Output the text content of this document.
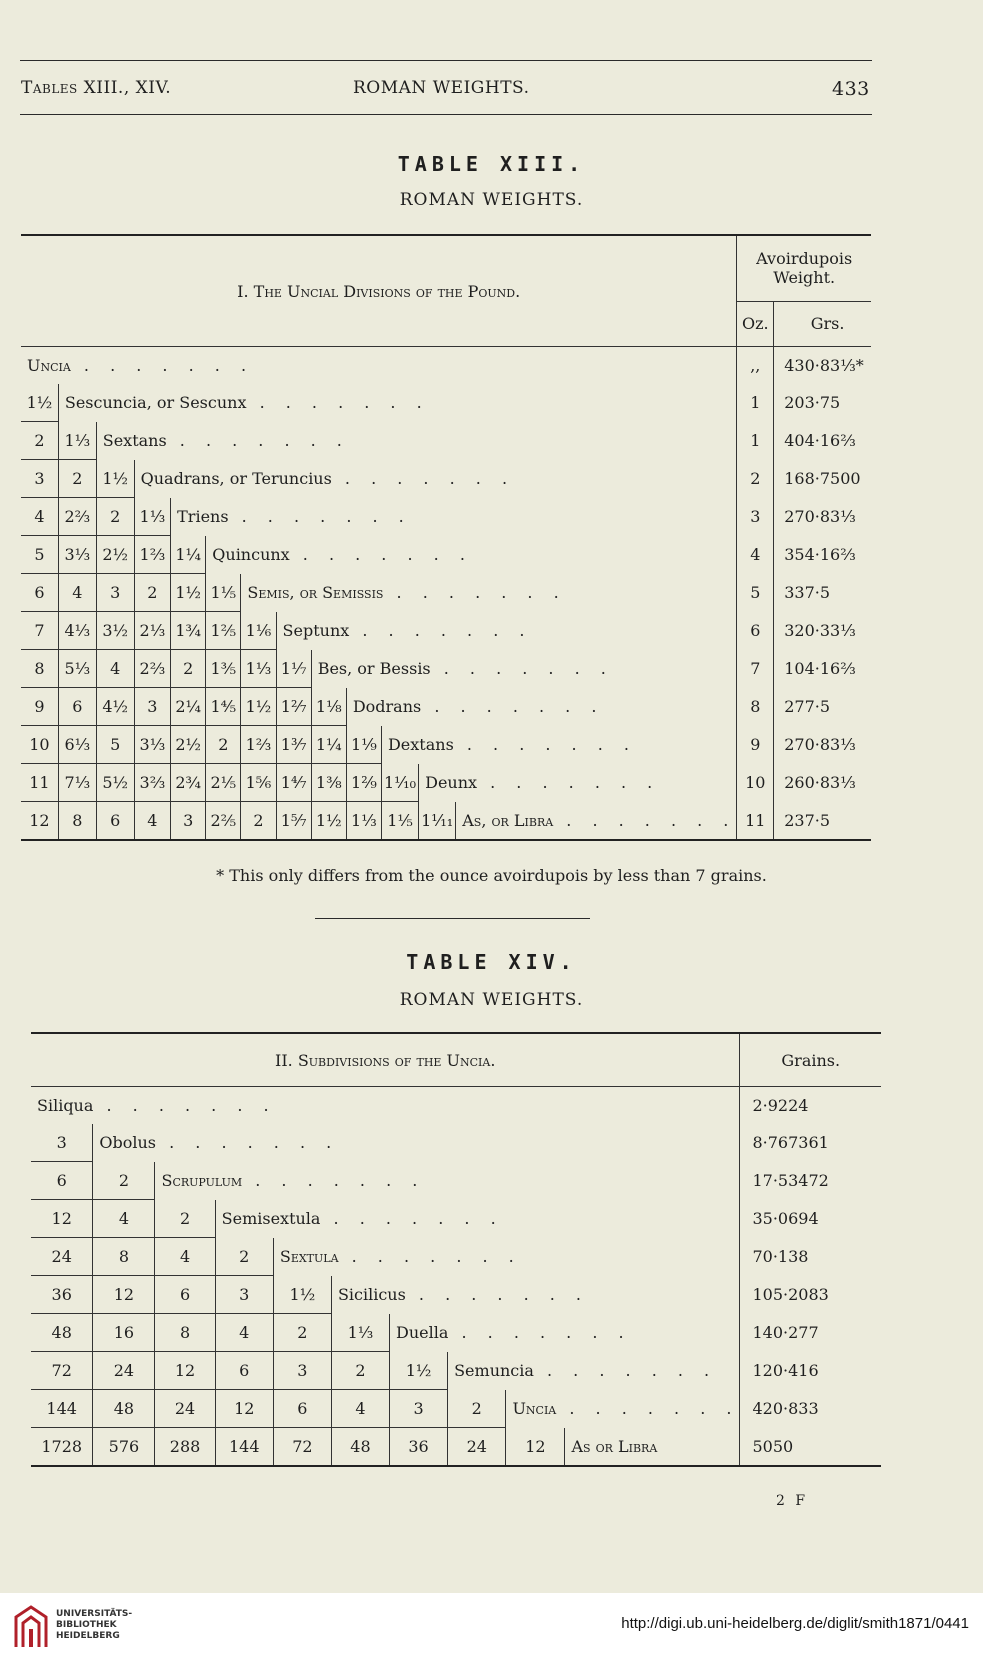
Tables XIII., XIV.	ROMAN WEIGHTS.	433
TABLE XIII.
ROMAN WEIGHTS.
I. The Uncial Divisions of the Pound.													Avoirdupois Weight.	
													Oz.	Grs.
Uncia . . . . . . .													,,	430·83⅓*
1½	Sescuncia, or Sescunx . . . . . . .												1	203·75
2	1⅓	Sextans . . . . . . .											1	404·16⅔
3	2	1½	Quadrans, or Teruncius . . . . . . .										2	168·7500
4	2⅔	2	1⅓	Triens . . . . . . .									3	270·83⅓
5	3⅓	2½	1⅔	1¼	Quincunx . . . . . . .								4	354·16⅔
6	4	3	2	1½	1⅕	Semis, or Semissis . . . . . . .							5	337·5
7	4⅓	3½	2⅓	1¾	1⅖	1⅙	Septunx . . . . . . .						6	320·33⅓
8	5⅓	4	2⅔	2	1⅗	1⅓	1⅐	Bes, or Bessis . . . . . . .					7	104·16⅔
9	6	4½	3	2¼	1⅘	1½	1²⁄₇	1⅛	Dodrans . . . . . . .				8	277·5
10	6⅓	5	3⅓	2½	2	1⅔	1³⁄₇	1¼	1⅑	Dextans . . . . . . .			9	270·83⅓
11	7⅓	5½	3⅔	2¾	2⅕	1⅚	1⁴⁄₇	1⅜	1²⁄₉	1⅒	Deunx . . . . . . .		10	260·83⅓
12	8	6	4	3	2⅖	2	1⁵⁄₇	1½	1⅓	1⅕	1¹⁄₁₁	As, or Libra . . . . . . .	11	237·5
* This only differs from the ounce avoirdupois by less than 7 grains.
TABLE XIV.
ROMAN WEIGHTS.
II. Subdivisions of the Uncia.										Grains.
Siliqua . . . . . . .										2·9224
3	Obolus . . . . . . .									8·767361
6	2	Scrupulum . . . . . . .								17·53472
12	4	2	Semisextula . . . . . . .							35·0694
24	8	4	2	Sextula . . . . . . .						70·138
36	12	6	3	1½	Sicilicus . . . . . . .					105·2083
48	16	8	4	2	1⅓	Duella . . . . . . .				140·277
72	24	12	6	3	2	1½	Semuncia . . . . . . .			120·416
144	48	24	12	6	4	3	2	Uncia . . . . . . .		420·833
1728	576	288	144	72	48	36	24	12	As or Libra	5050
2 F
UNIVERSITÄTS-
BIBLIOTHEK
HEIDELBERG
http://digi.ub.uni-heidelberg.de/diglit/smith1871/0441
